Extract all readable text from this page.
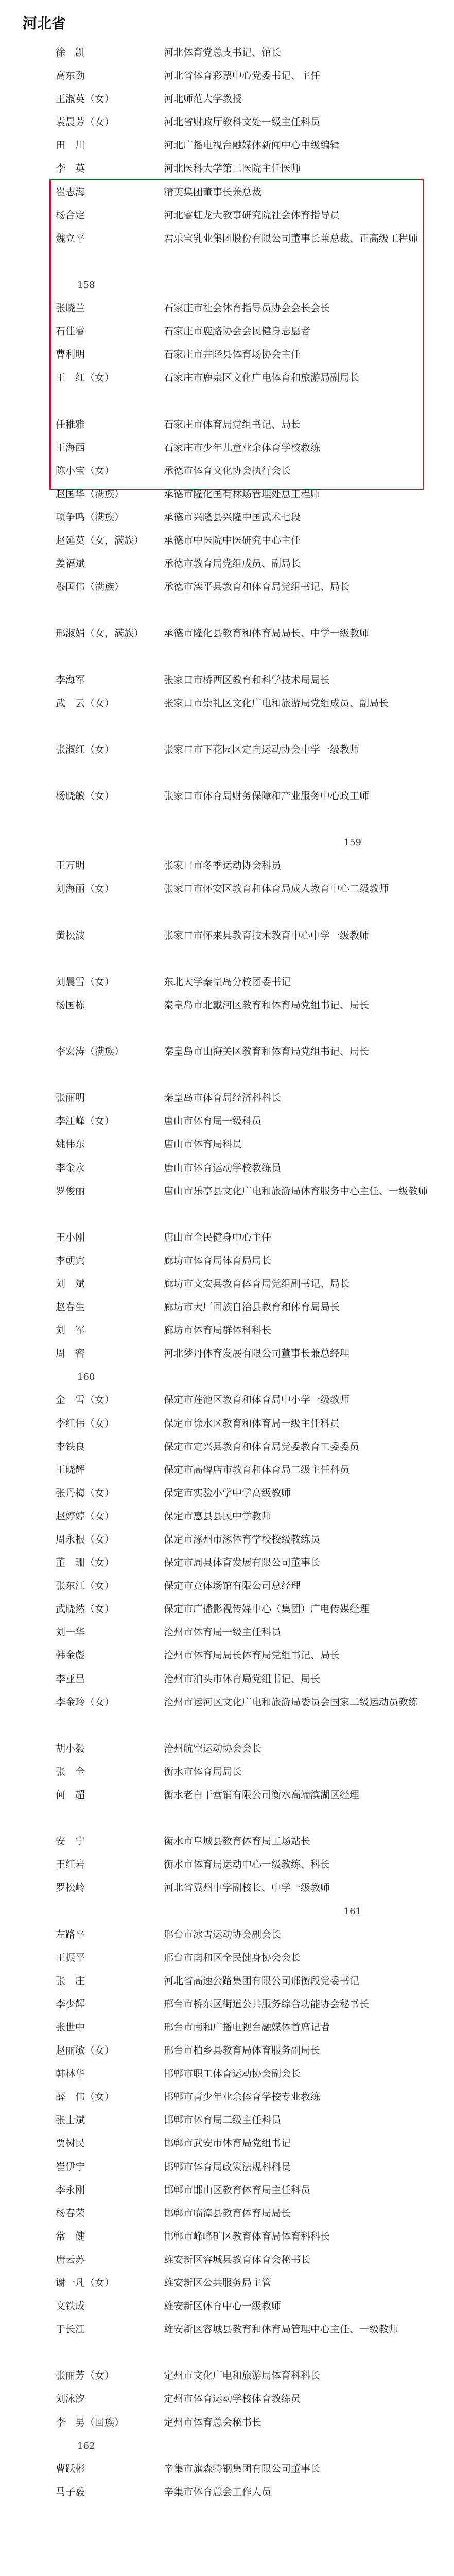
河北省
徐　凯	河北体育党总支书记、馆长
高东劲	河北省体育彩票中心党委书记、主任
王淑英（女）	河北师范大学教授
袁晨芳（女）	河北省财政厅教科文处一级主任科员
田　川	河北广播电视台融媒体新闻中心中级编辑
李　英	河北医科大学第二医院主任医师
崔志海	精英集团董事长兼总裁
杨合定	河北睿虹龙大教事研究院社会体育指导员
魏立平	君乐宝乳业集团股份有限公司董事长兼总裁、正高级工程师
158
张晓兰	石家庄市社会体育指导员协会会长会长
石佳睿	石家庄市鹿路协会会民健身志愿者
曹利明	石家庄市井陉县体育场协会主任
王　红（女）	石家庄市鹿泉区文化广电体育和旅游局副局长
任稚雅	石家庄市体育局党组书记、局长
王海西	石家庄市少年儿童业余体育学校教练
陈小宝（女）	承德市体育文化协会执行会长
赵国华（满族）	承德市隆化国有林场管理处总工程师
项争鸣（满族）	承德市兴隆县兴隆中国武术七段
赵延英（女，满族） 承德市中医院中医研究中心主任
姜福斌	承德市教育局党组成员、副局长
穆国伟（满族）	承德市滦平县教育和体育局党组书记、局长
邢淑娟（女，满族） 承德市隆化县教育和体育局局长、中学一级教师
李海军	张家口市桥西区教育和科学技术局局长
武　云（女）	张家口市崇礼区文化广电和旅游局党组成员、副局长
张淑红（女）	张家口市下花园区定向运动协会中学一级教师
杨晓敏（女）	张家口市体育局财务保障和产业服务中心政工师
159
王万明	张家口市冬季运动协会科员
刘海丽（女）	张家口市怀安区教育和体育局成人教育中心二级教师
黄松波	张家口市怀来县教育技术教育中心中学一级教师
刘晨雪（女）	东北大学秦皇岛分校团委书记
杨国栋	秦皇岛市北戴河区教育和体育局党组书记、局长
李宏涛（满族）	秦皇岛市山海关区教育和体育局党组书记、局长
张丽明	秦皇岛市体育局经济科科长
李江峰（女）	唐山市体育局一级科员
姚伟东	唐山市体育局科员
李金永	唐山市体育运动学校教练员
罗俊丽	唐山市乐亭县文化广电和旅游局体育服务中心主任、一级教师
王小刚	唐山市全民健身中心主任
李朝宾	廊坊市体育局体育局局长
刘　斌	廊坊市文安县教育体育局党组副书记、局长
赵春生	廊坊市大厂回族自治县教育和体育局局长
刘　军	廊坊市体育局群体科科长
周　密	河北梦丹体育发展有限公司董事长兼总经理
160
金　雪（女）	保定市莲池区教育和体育局中小学一级教师
李红伟（女）	保定市徐水区教育和体育局一级主任科员
李铁良	保定市定兴县教育和体育局党委教育工委委员
王晓辉	保定市高碑店市教育和体育局二级主任科员
张丹梅（女）	保定市实验小学中学高级教师
赵婷婷（女）	保定市惠县县民中学教师
周永根（女）	保定市涿州市涿体育学校校级教练员
董　珊（女）	保定市周县体育发展有限公司董事长
张东江（女）	保定市竞体场馆有限公司总经理
武晓然（女）	保定市广播影视传媒中心（集团）广电传媒经理
刘一华	沧州市体育局一级主任科员
韩金彪	沧州市体育局局长体育局党组书记、局长
李亚昌	沧州市泊头市体育局党组书记、局长
李金玲（女）	沧州市运河区文化广电和旅游局委员会国家二级运动员教练
胡小毅	沧州航空运动协会会长
张　全	衡水市体育局局长
何　超	衡水老白干营销有限公司衡水高端滨湖区经理
安　宁	衡水市阜城县教育体育局工场站长
王红岩	衡水市体育局运动中心一级教练、科长
罗松岭	河北省冀州中学副校长、中学一级教师
161
左路平	邢台市冰雪运动协会副会长
王振平	邢台市南和区全民健身协会会长
张　庄	河北省高速公路集团有限公司邢衡段党委书记
李少辉	邢台市桥东区街道公共服务综合功能协会秘书长
张世中	邢台市南和广播电视台融媒体首席记者
赵丽敏（女）	邢台市柏乡县教育局体育服务副局长
韩林华	邯郸市职工体育运动协会副会长
薛　伟（女）	邯郸市青少年业余体育学校专业教练
张士斌	邯郸市体育局二级主任科员
贾树民	邯郸市武安市体育局党组书记
崔伊宁	邯郸市体育局政策法规科科员
李永刚	邯郸市邯山区教育体育局主任科员
杨春荣	邯郸市临漳县教育体育局局长
常　健	邯郸市峰峰矿区教育体育局体育科科长
唐云苏	雄安新区容城县教育体育会秘书长
谢一凡（女）	雄安新区公共服务局主管
文铁成	雄安新区体育中心一级教师
于长江	雄安新区容城县教育和体育局管理中心主任、一级教师
张丽芳（女）	定州市文化广电和旅游局体育科科长
刘泳汐	定州市体育运动学校体育教练员
李　男（回族）	定州市体育总会秘书长
162
曹跃彬	辛集市旗森特钢集团有限公司董事长
马子毅	辛集市体育总会工作人员
